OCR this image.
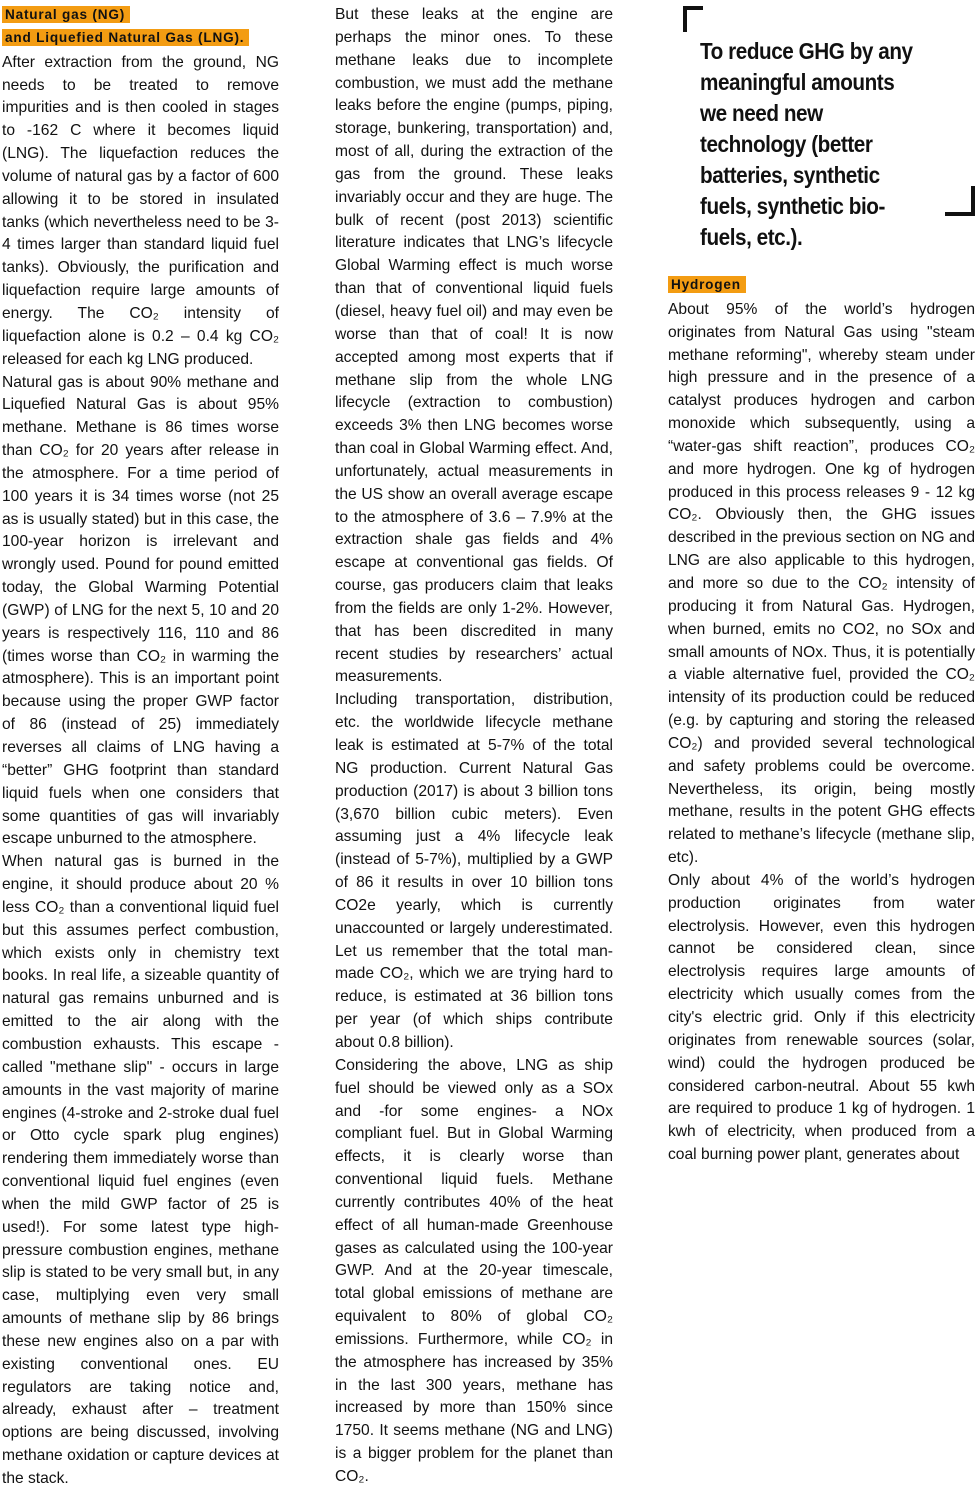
Natural gas (NG)
and Liquefied Natural Gas (LNG).

After extraction from the ground, NG needs to be treated to remove impurities and is then cooled in stages to -162 C where it becomes liquid (LNG). The liquefaction reduces the volume of natural gas by a factor of 600 allowing it to be stored in insulated tanks (which nevertheless need to be 3-4 times larger than standard liquid fuel tanks). Obviously, the purification and liquefaction require large amounts of energy. The CO₂ intensity of liquefaction alone is 0.2 – 0.4 kg CO₂ released for each kg LNG produced.

Natural gas is about 90% methane and Liquefied Natural Gas is about 95% methane. Methane is 86 times worse than CO₂ for 20 years after release in the atmosphere. For a time period of 100 years it is 34 times worse (not 25 as is usually stated) but in this case, the 100-year horizon is irrelevant and wrongly used. Pound for pound emitted today, the Global Warming Potential (GWP) of LNG for the next 5, 10 and 20 years is respectively 116, 110 and 86 (times worse than CO₂ in warming the atmosphere). This is an important point because using the proper GWP factor of 86 (instead of 25) immediately reverses all claims of LNG having a “better” GHG footprint than standard liquid fuels when one considers that some quantities of gas will invariably escape unburned to the atmosphere.

When natural gas is burned in the engine, it should produce about 20 % less CO₂ than a conventional liquid fuel but this assumes perfect combustion, which exists only in chemistry text books. In real life, a sizeable quantity of natural gas remains unburned and is emitted to the air along with the combustion exhausts. This escape - called "methane slip" - occurs in large amounts in the vast majority of marine engines (4-stroke and 2-stroke dual fuel or Otto cycle spark plug engines) rendering them immediately worse than conventional liquid fuel engines (even when the mild GWP factor of 25 is used!). For some latest type high-pressure combustion engines, methane slip is stated to be very small but, in any case, multiplying even very small amounts of methane slip by 86 brings these new engines also on a par with existing conventional ones. EU regulators are taking notice and, already, exhaust after – treatment options are being discussed, involving methane oxidation or capture devices at the stack.

But these leaks at the engine are perhaps the minor ones. To these methane leaks due to incomplete combustion, we must add the methane leaks before the engine (pumps, piping, storage, bunkering, transportation) and, most of all, during the extraction of the gas from the ground. These leaks invariably occur and they are huge. The bulk of recent (post 2013) scientific literature indicates that LNG’s lifecycle Global Warming effect is much worse than that of conventional liquid fuels (diesel, heavy fuel oil) and may even be worse than that of coal! It is now accepted among most experts that if methane slip from the whole LNG lifecycle (extraction to combustion) exceeds 3% then LNG becomes worse than coal in Global Warming effect. And, unfortunately, actual measurements in the US show an overall average escape to the atmosphere of 3.6 – 7.9% at the extraction shale gas fields and 4% escape at conventional gas fields. Of course, gas producers claim that leaks from the fields are only 1-2%. However, that has been discredited in many recent studies by researchers’ actual measurements.

Including transportation, distribution, etc. the worldwide lifecycle methane leak is estimated at 5-7% of the total NG production. Current Natural Gas production (2017) is about 3 billion tons (3,670 billion cubic meters). Even assuming just a 4% lifecycle leak (instead of 5-7%), multiplied by a GWP of 86 it results in over 10 billion tons CO2e yearly, which is currently unaccounted or largely underestimated. Let us remember that the total man-made CO₂, which we are trying hard to reduce, is estimated at 36 billion tons per year (of which ships contribute about 0.8 billion).

Considering the above, LNG as ship fuel should be viewed only as a SOx and -for some engines- a NOx compliant fuel. But in Global Warming effects, it is clearly worse than conventional liquid fuels. Methane currently contributes 40% of the heat effect of all human-made Greenhouse gases as calculated using the 100-year GWP. And at the 20-year timescale, total global emissions of methane are equivalent to 80% of global CO₂ emissions. Furthermore, while CO₂ in the atmosphere has increased by 35% in the last 300 years, methane has increased by more than 150% since 1750. It seems methane (NG and LNG) is a bigger problem for the planet than CO₂.

To reduce GHG by any meaningful amounts we need new technology (better batteries, synthetic fuels, synthetic bio-fuels, etc.).
Hydrogen

About 95% of the world’s hydrogen originates from Natural Gas using "steam methane reforming", whereby steam under high pressure and in the presence of a catalyst produces hydrogen and carbon monoxide which subsequently, using a “water-gas shift reaction”, produces CO₂ and more hydrogen. One kg of hydrogen produced in this process releases 9 - 12 kg CO₂. Obviously then, the GHG issues described in the previous section on NG and LNG are also applicable to this hydrogen, and more so due to the CO₂ intensity of producing it from Natural Gas. Hydrogen, when burned, emits no CO2, no SOx and small amounts of NOx. Thus, it is potentially a viable alternative fuel, provided the CO₂ intensity of its production could be reduced (e.g. by capturing and storing the released CO₂) and provided several technological and safety problems could be overcome. Nevertheless, its origin, being mostly methane, results in the potent GHG effects related to methane’s lifecycle (methane slip, etc).

Only about 4% of the world’s hydrogen production originates from water electrolysis. However, even this hydrogen cannot be considered clean, since electrolysis requires large amounts of electricity which usually comes from the city's electric grid. Only if this electricity originates from renewable sources (solar, wind) could the hydrogen produced be considered carbon-neutral. About 55 kwh are required to produce 1 kg of hydrogen. 1 kwh of electricity, when produced from a coal burning power plant, generates about
